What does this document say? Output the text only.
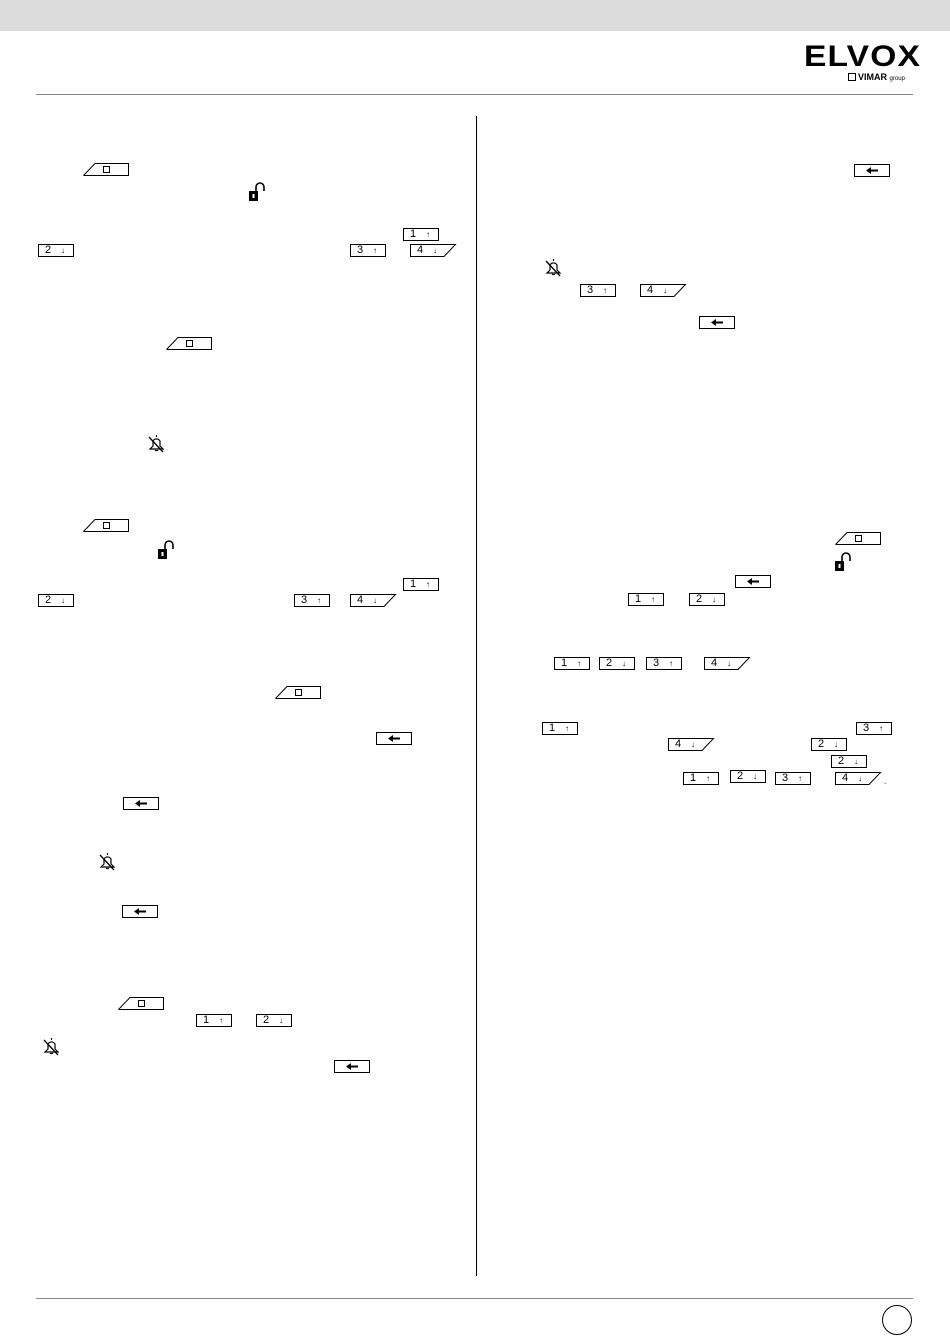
ELVOX
VIMAR group
1 ↑
2 ↓	3 ↑	4 ↓
1 ↑
2 ↓	3 ↑	4 ↓
1 ↑	2 ↓
3 ↑	4 ↓
1 ↑	2 ↓
1 ↑ 2 ↓ 3 ↑	4 ↓
1 ↑	3 ↑
4 ↓	2 ↓
2 ↓
1 ↑ 2 ↓ 3 ↑	4 ↓	.
